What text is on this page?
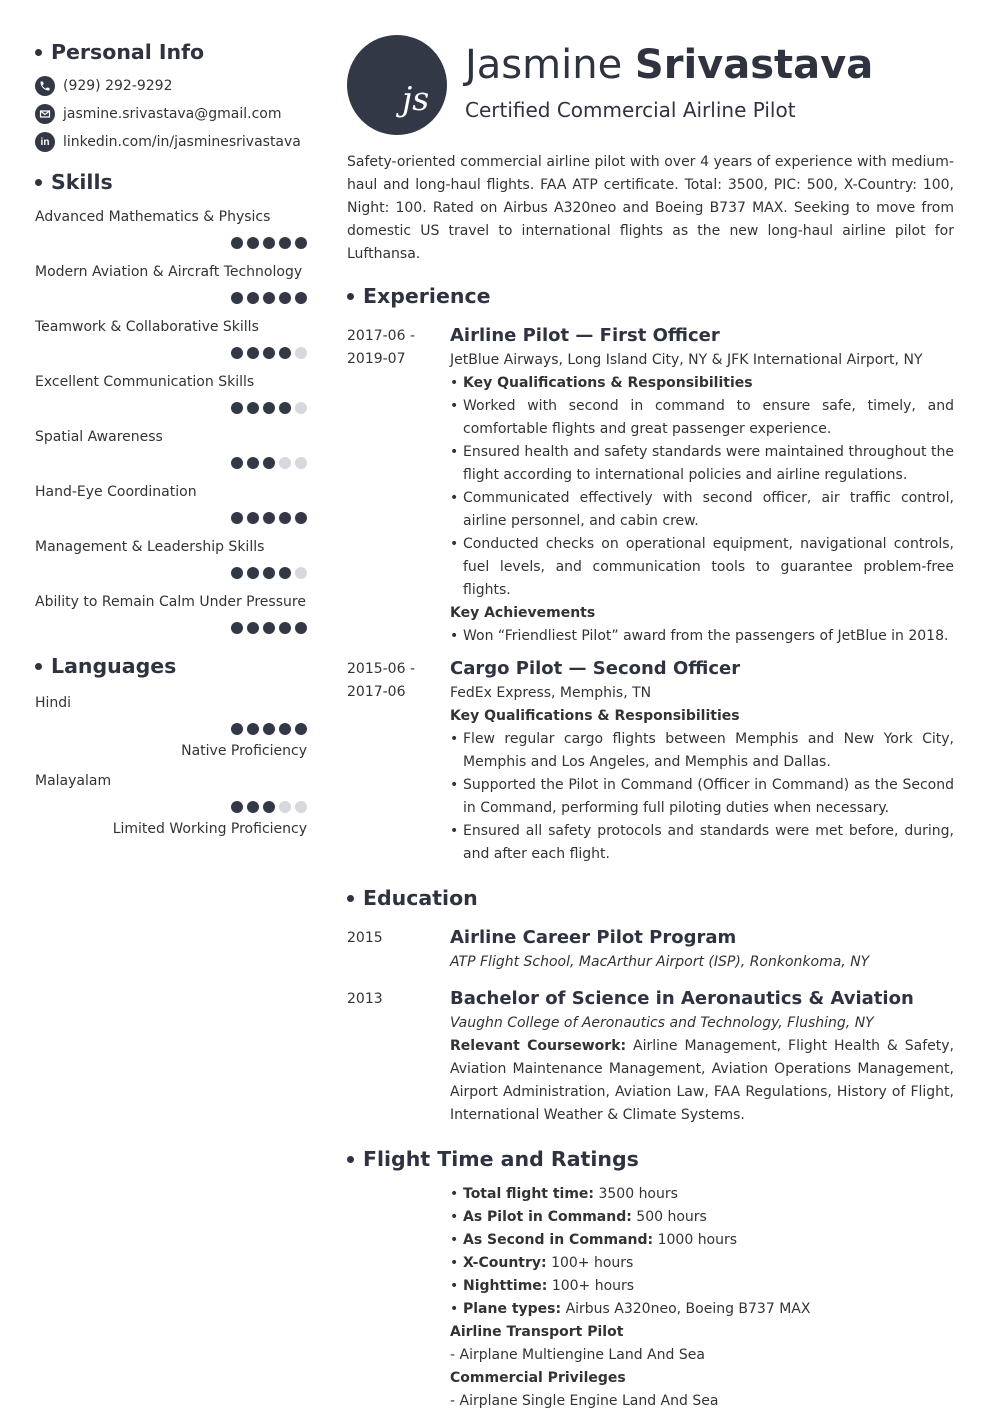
Personal Info
(929) 292-9292
jasmine.srivastava@gmail.com
in linkedin.com/in/jasminesrivastava
Skills
Advanced Mathematics & Physics
Modern Aviation & Aircraft Technology
Teamwork & Collaborative Skills
Excellent Communication Skills
Spatial Awareness
Hand-Eye Coordination
Management & Leadership Skills
Ability to Remain Calm Under Pressure
Languages
Hindi
Native Proficiency
Malayalam
Limited Working Proficiency
js
Jasmine Srivastava
Certified Commercial Airline Pilot
Safety-oriented commercial airline pilot with over 4 years of experience with medium-haul and long-haul flights. FAA ATP certificate. Total: 3500, PIC: 500, X-Country: 100, Night: 100. Rated on Airbus A320neo and Boeing B737 MAX. Seeking to move from domestic US travel to international flights as the new long-haul airline pilot for Lufthansa.
Experience
2017-06 -
2019-07
Airline Pilot — First Officer
JetBlue Airways, Long Island City, NY & JFK International Airport, NY
• Key Qualifications & Responsibilities
• Worked with second in command to ensure safe, timely, and comfortable flights and great passenger experience.
• Ensured health and safety standards were maintained throughout the flight according to international policies and airline regulations.
• Communicated effectively with second officer, air traffic control, airline personnel, and cabin crew.
• Conducted checks on operational equipment, navigational controls, fuel levels, and communication tools to guarantee problem-free flights.
Key Achievements
• Won “Friendliest Pilot” award from the passengers of JetBlue in 2018.
2015-06 -
2017-06
Cargo Pilot — Second Officer
FedEx Express, Memphis, TN
Key Qualifications & Responsibilities
• Flew regular cargo flights between Memphis and New York City, Memphis and Los Angeles, and Memphis and Dallas.
• Supported the Pilot in Command (Officer in Command) as the Second in Command, performing full piloting duties when necessary.
• Ensured all safety protocols and standards were met before, during, and after each flight.
Education
2015	Airline Career Pilot Program
ATP Flight School, MacArthur Airport (ISP), Ronkonkoma, NY
2013	Bachelor of Science in Aeronautics & Aviation
Vaughn College of Aeronautics and Technology, Flushing, NY
Relevant Coursework: Airline Management, Flight Health & Safety, Aviation Maintenance Management, Aviation Operations Management, Airport Administration, Aviation Law, FAA Regulations, History of Flight, International Weather & Climate Systems.
Flight Time and Ratings
• Total flight time: 3500 hours
• As Pilot in Command: 500 hours
• As Second in Command: 1000 hours
• X-Country: 100+ hours
• Nighttime: 100+ hours
• Plane types: Airbus A320neo, Boeing B737 MAX
Airline Transport Pilot
- Airplane Multiengine Land And Sea
Commercial Privileges
- Airplane Single Engine Land And Sea
